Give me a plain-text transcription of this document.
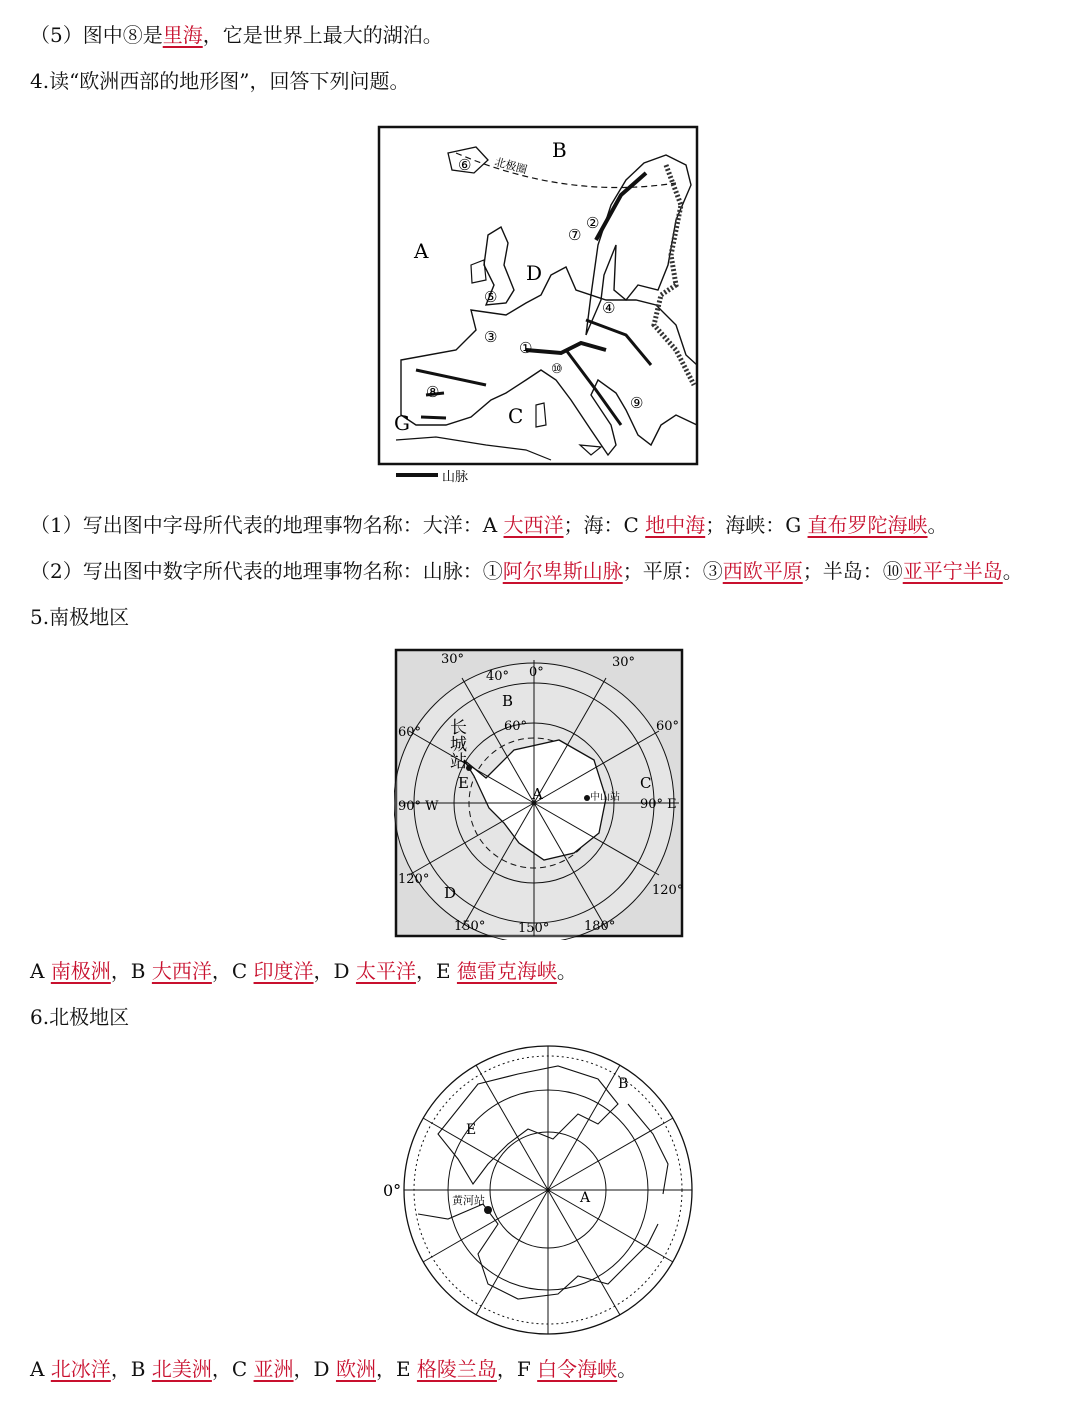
（5）图中⑧是里海，它是世界上最大的湖泊。
4.读“欧洲西部的地形图”，回答下列问题。
B
A
D
C
G
⑥
⑦
②
⑤
④
③
①
⑩
⑧
⑨
北极圈
山脉
（1）写出图中字母所代表的地理事物名称：大洋：A 大西洋；海：C 地中海；海峡：G 直布罗陀海峡。
（2）写出图中数字所代表的地理事物名称：山脉：①阿尔卑斯山脉；平原：③西欧平原；半岛：⑩亚平宁半岛。
5.南极地区
0°
30°	30°
40°
60°
60°	60°
90° W	90° E
120°
120°
150°	150°	180°
A
B
C
D
E
长城站
中山站
A 南极洲，B 大西洋，C 印度洋，D 太平洋，E 德雷克海峡。
6.北极地区
B
E
A
0°
黄河站
A 北冰洋，B 北美洲，C 亚洲，D 欧洲，E 格陵兰岛，F 白令海峡。
